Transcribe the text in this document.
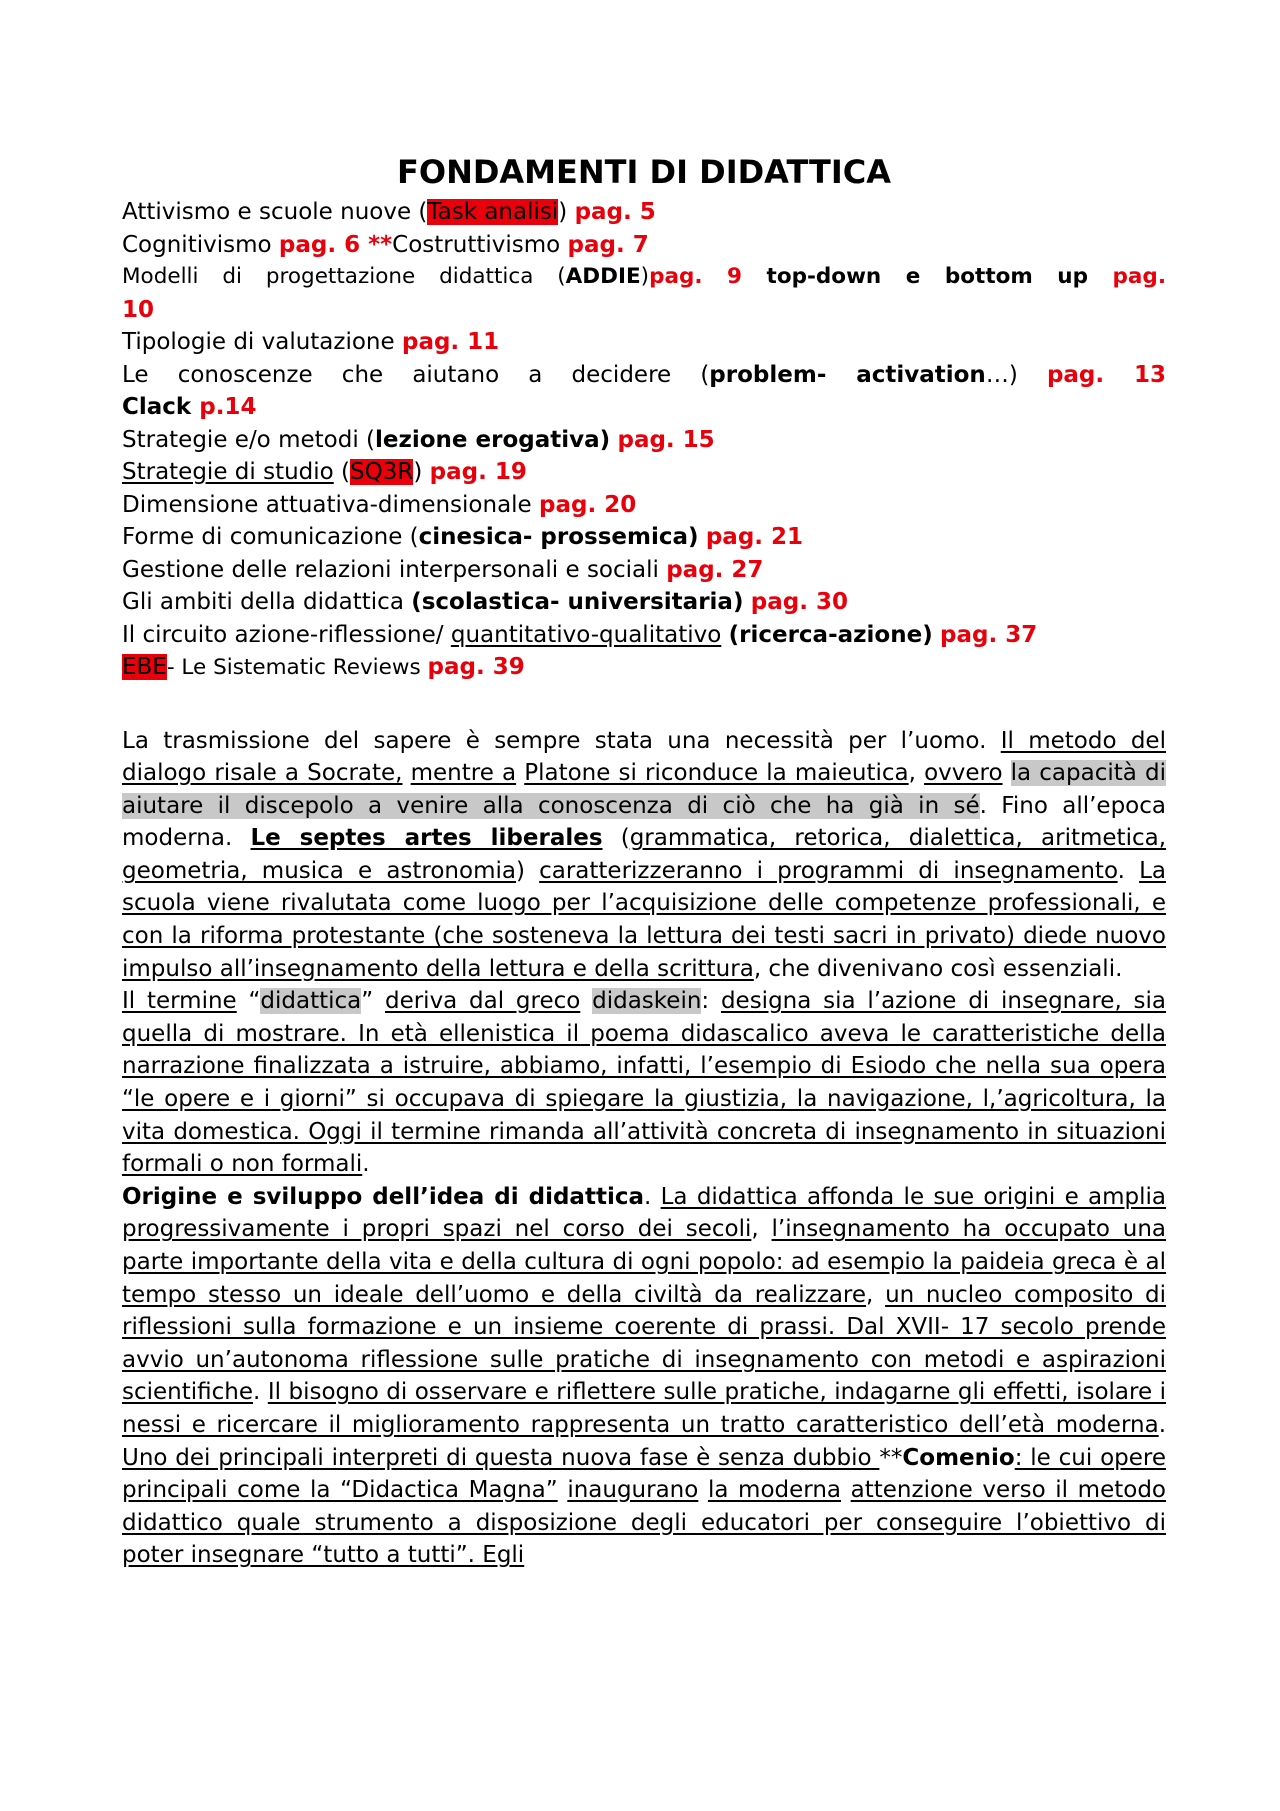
FONDAMENTI DI DIDATTICA
Attivismo e scuole nuove (Task analisi) pag. 5
Cognitivismo pag. 6 **Costruttivismo pag. 7
Modelli di progettazione didattica (ADDIE)pag. 9 top-down e bottom up pag.
10
Tipologie di valutazione pag. 11
Le conoscenze che aiutano a decidere (problem- activation…) pag. 13
Clack p.14
Strategie e/o metodi (lezione erogativa) pag. 15
Strategie di studio (SQ3R) pag. 19
Dimensione attuativa-dimensionale pag. 20
Forme di comunicazione (cinesica- prossemica) pag. 21
Gestione delle relazioni interpersonali e sociali pag. 27
Gli ambiti della didattica (scolastica- universitaria) pag. 30
Il circuito azione-riflessione/ quantitativo-qualitativo (ricerca-azione) pag. 37
EBE- Le Sistematic Reviews pag. 39

La trasmissione del sapere è sempre stata una necessità per l’uomo. Il metodo del dialogo risale a Socrate, mentre a Platone si riconduce la maieutica, ovvero la capacità di aiutare il discepolo a venire alla conoscenza di ciò che ha già in sé. Fino all’epoca moderna. Le septes artes liberales (grammatica, retorica, dialettica, aritmetica, geometria, musica e astronomia) caratterizzeranno i programmi di insegnamento. La scuola viene rivalutata come luogo per l’acquisizione delle competenze professionali, e con la riforma protestante (che sosteneva la lettura dei testi sacri in privato) diede nuovo impulso all’insegnamento della lettura e della scrittura, che divenivano così essenziali.

Il termine “didattica” deriva dal greco didaskein: designa sia l’azione di insegnare, sia quella di mostrare. In età ellenistica il poema didascalico aveva le caratteristiche della narrazione finalizzata a istruire, abbiamo, infatti, l’esempio di Esiodo che nella sua opera “le opere e i giorni” si occupava di spiegare la giustizia, la navigazione, l,’agricoltura, la vita domestica. Oggi il termine rimanda all’attività concreta di insegnamento in situazioni formali o non formali.

Origine e sviluppo dell’idea di didattica. La didattica affonda le sue origini e amplia progressivamente i propri spazi nel corso dei secoli, l’insegnamento ha occupato una parte importante della vita e della cultura di ogni popolo: ad esempio la paideia greca è al tempo stesso un ideale dell’uomo e della civiltà da realizzare, un nucleo composito di riflessioni sulla formazione e un insieme coerente di prassi. Dal XVII- 17 secolo prende avvio un’autonoma riflessione sulle pratiche di insegnamento con metodi e aspirazioni scientifiche. Il bisogno di osservare e riflettere sulle pratiche, indagarne gli effetti, isolare i nessi e ricercare il miglioramento rappresenta un tratto caratteristico dell’età moderna. Uno dei principali interpreti di questa nuova fase è senza dubbio **Comenio: le cui opere principali come la “Didactica Magna” inaugurano la moderna attenzione verso il metodo didattico quale strumento a disposizione degli educatori per conseguire l’obiettivo di poter insegnare “tutto a tutti”. Egli
